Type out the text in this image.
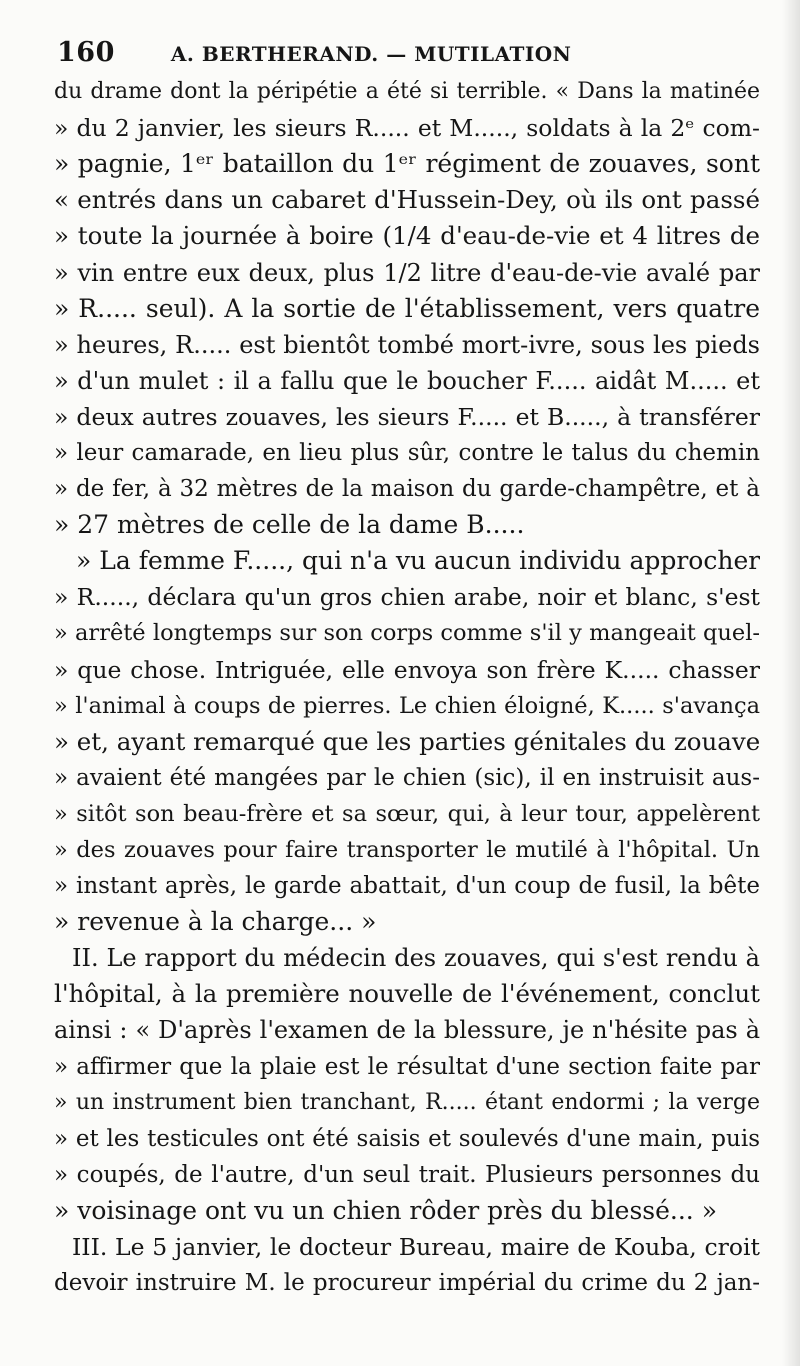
160	A. BERTHERAND. — MUTILATION
du drame dont la péripétie a été si terrible. « Dans la matinée
» du 2 janvier, les sieurs R..... et M....., soldats à la 2ᵉ com-
» pagnie, 1ᵉʳ bataillon du 1ᵉʳ régiment de zouaves, sont
« entrés dans un cabaret d'Hussein-Dey, où ils ont passé
» toute la journée à boire (1/4 d'eau-de-vie et 4 litres de
» vin entre eux deux, plus 1/2 litre d'eau-de-vie avalé par
» R..... seul). A la sortie de l'établissement, vers quatre
» heures, R..... est bientôt tombé mort-ivre, sous les pieds
» d'un mulet : il a fallu que le boucher F..... aidât M..... et
» deux autres zouaves, les sieurs F..... et B....., à transférer
» leur camarade, en lieu plus sûr, contre le talus du chemin
» de fer, à 32 mètres de la maison du garde-champêtre, et à
» 27 mètres de celle de la dame B.....
» La femme F....., qui n'a vu aucun individu approcher
» R....., déclara qu'un gros chien arabe, noir et blanc, s'est
» arrêté longtemps sur son corps comme s'il y mangeait quel-
» que chose. Intriguée, elle envoya son frère K..... chasser
» l'animal à coups de pierres. Le chien éloigné, K..... s'avança
» et, ayant remarqué que les parties génitales du zouave
» avaient été mangées par le chien (sic), il en instruisit aus-
» sitôt son beau-frère et sa sœur, qui, à leur tour, appelèrent
» des zouaves pour faire transporter le mutilé à l'hôpital. Un
» instant après, le garde abattait, d'un coup de fusil, la bête
» revenue à la charge... »
II. Le rapport du médecin des zouaves, qui s'est rendu à
l'hôpital, à la première nouvelle de l'événement, conclut
ainsi : « D'après l'examen de la blessure, je n'hésite pas à
» affirmer que la plaie est le résultat d'une section faite par
» un instrument bien tranchant, R..... étant endormi ; la verge
» et les testicules ont été saisis et soulevés d'une main, puis
» coupés, de l'autre, d'un seul trait. Plusieurs personnes du
» voisinage ont vu un chien rôder près du blessé... »
III. Le 5 janvier, le docteur Bureau, maire de Kouba, croit
devoir instruire M. le procureur impérial du crime du 2 jan-
